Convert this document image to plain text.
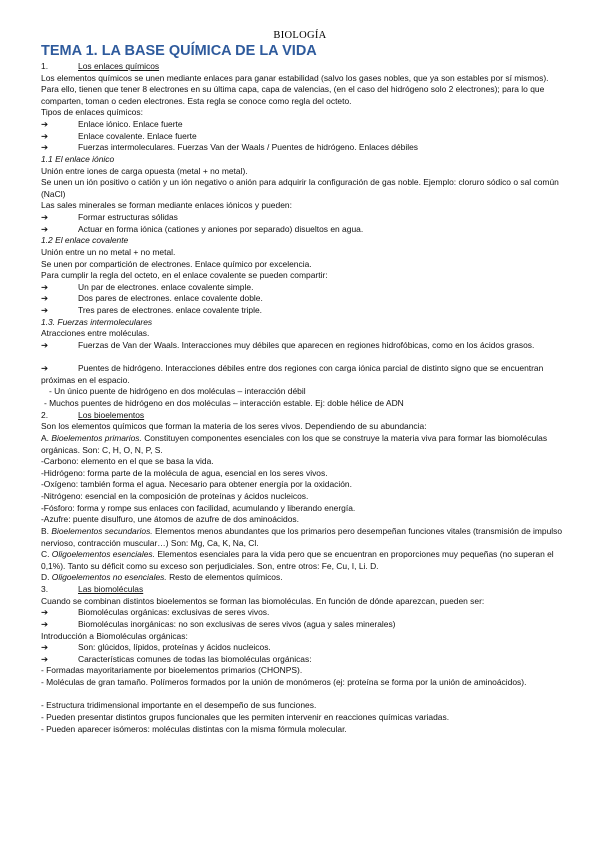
BIOLOGÍA
TEMA 1. LA BASE QUÍMICA DE LA VIDA
1.	Los enlaces químicos
Los elementos químicos se unen mediante enlaces para ganar estabilidad (salvo los gases nobles, que ya son estables por sí mismos). Para ello, tienen que tener 8 electrones en su última capa, capa de valencias, (en el caso del hidrógeno solo 2 electrones); para lo que comparten, toman o ceden electrones. Esta regla se conoce como regla del octeto.
Tipos de enlaces químicos:
➔	Enlace iónico. Enlace fuerte
➔	Enlace covalente. Enlace fuerte
➔	Fuerzas intermoleculares. Fuerzas Van der Waals / Puentes de hidrógeno. Enlaces débiles
1.1 El enlace iónico
Unión entre iones de carga opuesta (metal + no metal).
Se unen un ión positivo o catión y un ión negativo o anión para adquirir la configuración de gas noble. Ejemplo: cloruro sódico o sal común (NaCl)
Las sales minerales se forman mediante enlaces iónicos y pueden:
➔	Formar estructuras sólidas
➔	Actuar en forma iónica (cationes y aniones por separado) disueltos en agua.
1.2 El enlace covalente
Unión entre un no metal + no metal.
Se unen por compartición de electrones. Enlace químico por excelencia.
Para cumplir la regla del octeto, en el enlace covalente se pueden compartir:
➔	Un par de electrones. enlace covalente simple.
➔	Dos pares de electrones. enlace covalente doble.
➔	Tres pares de electrones. enlace covalente triple.
1.3. Fuerzas intermoleculares
Atracciones entre moléculas.
➔	Fuerzas de Van der Waals. Interacciones muy débiles que aparecen en regiones hidrofóbicas, como en los ácidos grasos.
➔	Puentes de hidrógeno. Interacciones débiles entre dos regiones con carga iónica parcial de distinto signo que se encuentran próximas en el espacio.
- Un único puente de hidrógeno en dos moléculas – interacción débil
- Muchos puentes de hidrógeno en dos moléculas – interacción estable. Ej: doble hélice de ADN
2.	Los bioelementos
Son los elementos químicos que forman la materia de los seres vivos. Dependiendo de su abundancia:
A. Bioelementos primarios. Constituyen componentes esenciales con los que se construye la materia viva para formar las biomoléculas orgánicas. Son: C, H, O, N, P, S.
-Carbono: elemento en el que se basa la vida.
-Hidrógeno: forma parte de la molécula de agua, esencial en los seres vivos.
-Oxígeno: también forma el agua. Necesario para obtener energía por la oxidación.
-Nitrógeno: esencial en la composición de proteínas y ácidos nucleicos.
-Fósforo: forma y rompe sus enlaces con facilidad, acumulando y liberando energía.
-Azufre: puente disulfuro, une átomos de azufre de dos aminoácidos.
B. Bioelementos secundarios. Elementos menos abundantes que los primarios pero desempeñan funciones vitales (transmisión de impulso nervioso, contracción muscular…) Son: Mg, Ca, K, Na, Cl.
C. Oligoelementos esenciales. Elementos esenciales para la vida pero que se encuentran en proporciones muy pequeñas (no superan el 0,1%). Tanto su déficit como su exceso son perjudiciales. Son, entre otros: Fe, Cu, I, Li. D.
D. Oligoelementos no esenciales. Resto de elementos químicos.
3.	Las biomoléculas
Cuando se combinan distintos bioelementos se forman las biomoléculas. En función de dónde aparezcan, pueden ser:
➔	Biomoléculas orgánicas: exclusivas de seres vivos.
➔	Biomoléculas inorgánicas: no son exclusivas de seres vivos (agua y sales minerales)
Introducción a Biomoléculas orgánicas:
➔	Son: glúcidos, lípidos, proteínas y ácidos nucleicos.
➔	Características comunes de todas las biomoléculas orgánicas:
- Formadas mayoritariamente por bioelementos primarios (CHONPS).
- Moléculas de gran tamaño. Polímeros formados por la unión de monómeros (ej: proteína se forma por la unión de aminoácidos).
- Estructura tridimensional importante en el desempeño de sus funciones.
- Pueden presentar distintos grupos funcionales que les permiten intervenir en reacciones químicas variadas.
- Pueden aparecer isómeros: moléculas distintas con la misma fórmula molecular.
